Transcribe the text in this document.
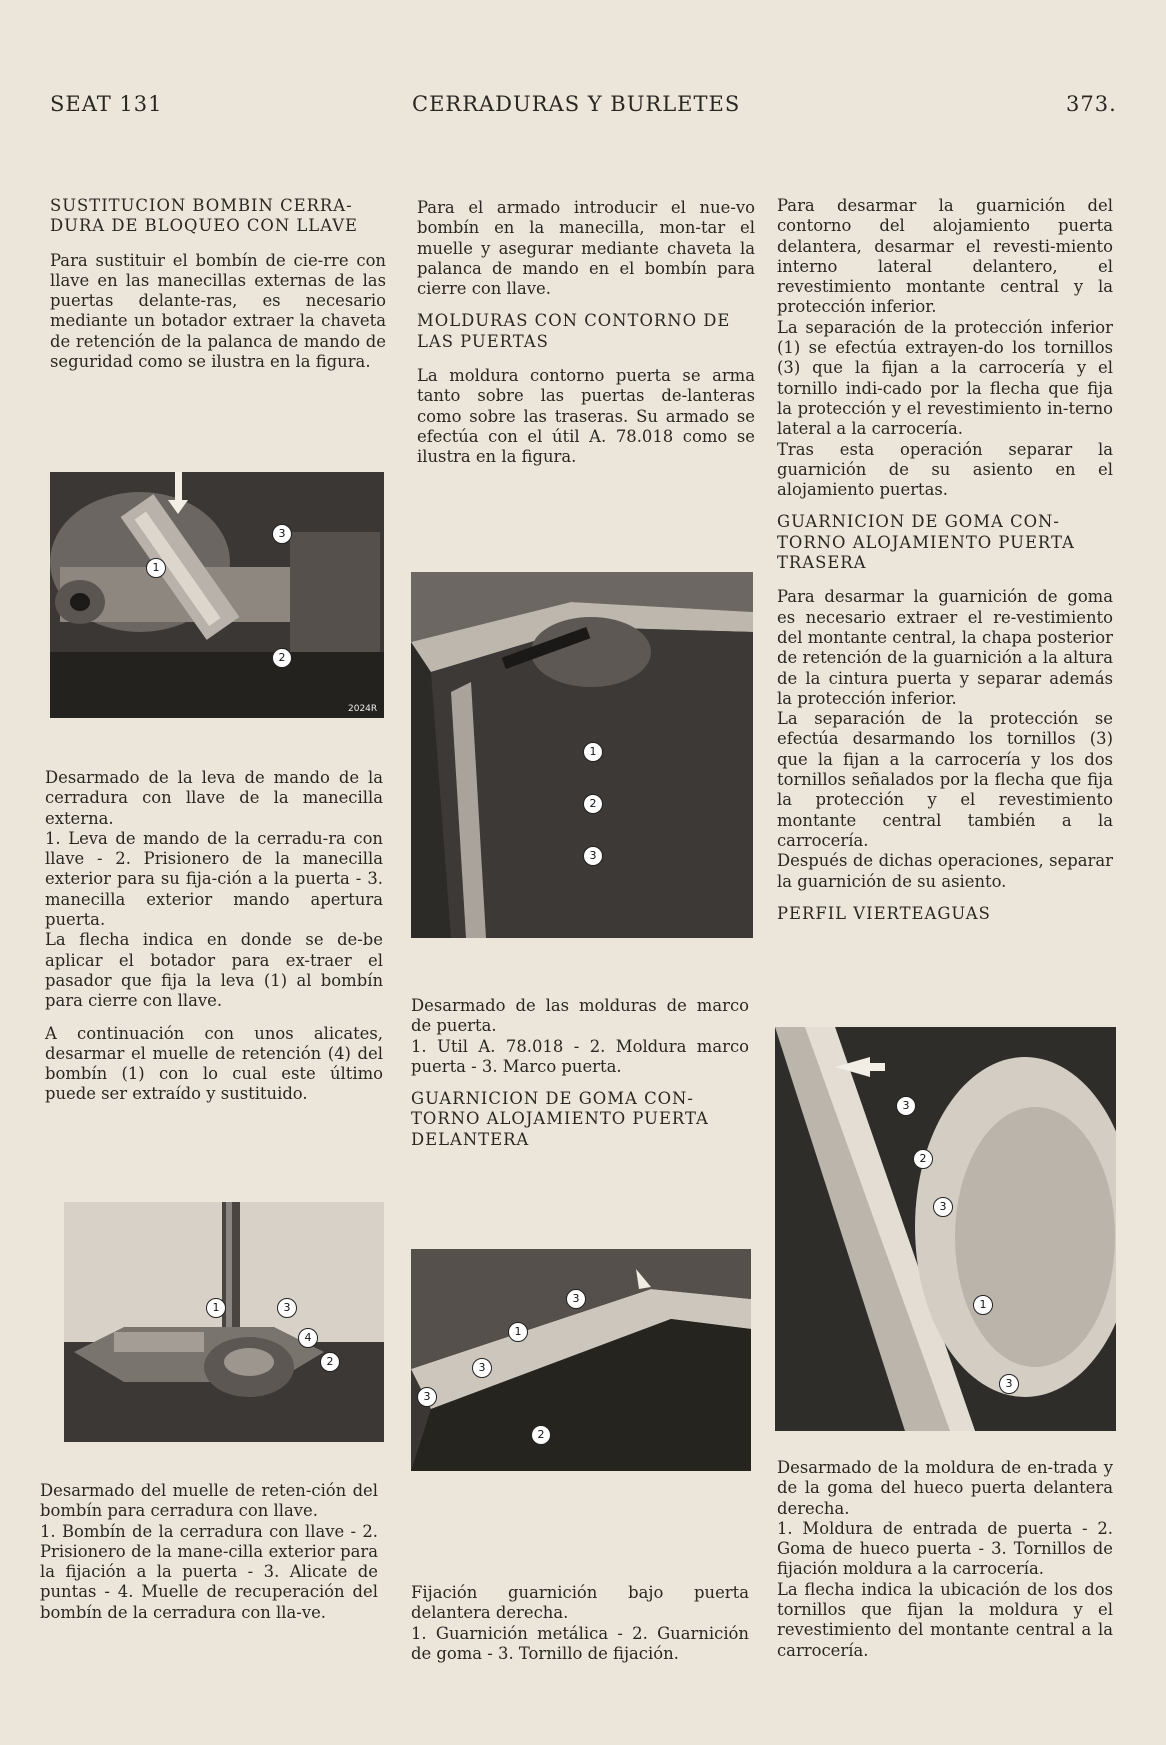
SEAT 131	CERRADURAS Y BURLETES	373.

SUSTITUCION BOMBIN CERRA-DURA DE BLOQUEO CON LLAVE

Para sustituir el bombín de cie-rre con llave en las manecillas externas de las puertas delante-ras, es necesario mediante un botador extraer la chaveta de retención de la palanca de mando de seguridad como se ilustra en la figura.

1
3
2
2024R

Desarmado de la leva de mando de la cerradura con llave de la manecilla externa.

1. Leva de mando de la cerradu-ra con llave - 2. Prisionero de la manecilla exterior para su fija-ción a la puerta - 3. manecilla exterior mando apertura puerta.

La flecha indica en donde se de-be aplicar el botador para ex-traer el pasador que fija la leva (1) al bombín para cierre con llave.

A continuación con unos alicates, desarmar el muelle de retención (4) del bombín (1) con lo cual este último puede ser extraído y sustituido.

1	3
4
2

Desarmado del muelle de reten-ción del bombín para cerradura con llave.

1. Bombín de la cerradura con llave - 2. Prisionero de la mane-cilla exterior para la fijación a la puerta - 3. Alicate de puntas - 4. Muelle de recuperación del bombín de la cerradura con lla-ve.

Para el armado introducir el nue-vo bombín en la manecilla, mon-tar el muelle y asegurar mediante chaveta la palanca de mando en el bombín para cierre con llave.

MOLDURAS CON CONTORNO DE LAS PUERTAS

La moldura contorno puerta se arma tanto sobre las puertas de-lanteras como sobre las traseras. Su armado se efectúa con el útil A. 78.018 como se ilustra en la figura.

1
2
3

Desarmado de las molduras de marco de puerta.

1. Util A. 78.018 - 2. Moldura marco puerta - 3. Marco puerta.

GUARNICION DE GOMA CON-TORNO ALOJAMIENTO PUERTA DELANTERA

3
1
3
3
2

Fijación guarnición bajo puerta delantera derecha.

1. Guarnición metálica - 2. Guarnición de goma - 3. Tornillo de fijación.

Para desarmar la guarnición del contorno del alojamiento puerta delantera, desarmar el revesti-miento interno lateral delantero, el revestimiento montante central y la protección inferior.

La separación de la protección inferior (1) se efectúa extrayen-do los tornillos (3) que la fijan a la carrocería y el tornillo indi-cado por la flecha que fija la protección y el revestimiento in-terno lateral a la carrocería.

Tras esta operación separar la guarnición de su asiento en el alojamiento puertas.

GUARNICION DE GOMA CON-TORNO ALOJAMIENTO PUERTA TRASERA

Para desarmar la guarnición de goma es necesario extraer el re-vestimiento del montante central, la chapa posterior de retención de la guarnición a la altura de la cintura puerta y separar además la protección inferior.

La separación de la protección se efectúa desarmando los tornillos (3) que la fijan a la carrocería y los dos tornillos señalados por la flecha que fija la protección y el revestimiento montante central también a la carrocería.

Después de dichas operaciones, separar la guarnición de su asiento.

PERFIL VIERTEAGUAS

3
2
3
1
3

Desarmado de la moldura de en-trada y de la goma del hueco puerta delantera derecha.

1. Moldura de entrada de puerta - 2. Goma de hueco puerta - 3. Tornillos de fijación moldura a la carrocería.

La flecha indica la ubicación de los dos tornillos que fijan la moldura y el revestimiento del montante central a la carrocería.
